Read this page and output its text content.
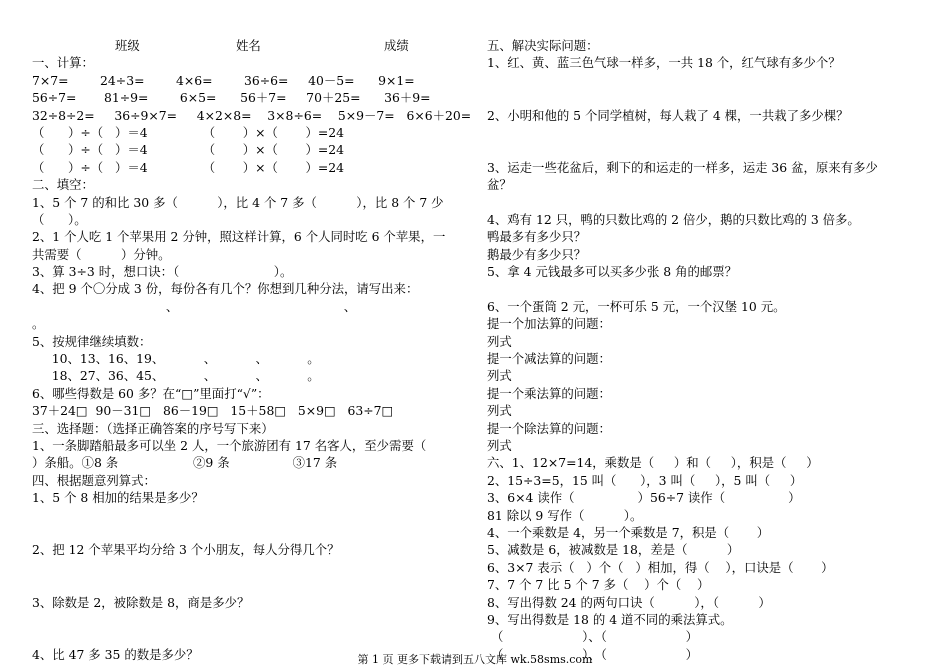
班级	姓名	成绩
一、计算：
7×7=        24÷3=        4×6=        36÷6=     40－5=      9×1=
56÷7=       81÷9=        6×5=      56＋7=     70＋25=      36＋9=
32÷8÷2=     36÷9×7=     4×2×8=    3×8÷6=    5×9－7=   6×6＋20=
（      ）÷（   ）＝4              （       ）×（       ）=24
（      ）÷（   ）＝4              （       ）×（       ）=24
（      ）÷（   ）＝4              （       ）×（       ）=24
二、填空：
1、5 个 7 的和比 30 多（          ），比 4 个 7 多（          ），比 8 个 7 少
（      ）。
2、1 个人吃 1 个苹果用 2 分钟，照这样计算，6 个人同时吃 6 个苹果，一
共需要（          ）分钟。
3、算 3÷3 时，想口诀：（                        ）。
4、把 9 个〇分成 3 份，每份各有几个？你想到几种分法，请写出来：
、                                          、
。
5、按规律继续填数：
10、13、16、19、          、          、          。
18、27、36、45、          、          、          。
6、哪些得数是 60 多？在“□”里面打“√”：
37＋24□  90－31□   86－19□   15＋58□   5×9□   63÷7□
三、选择题：（选择正确答案的序号写下来）
1、一条脚踏船最多可以坐 2 人，一个旅游团有 17 名客人，至少需要（
）条船。①8 条                   ②9 条                ③17 条
四、根据题意列算式：
1、5 个 8 相加的结果是多少？
2、把 12 个苹果平均分给 3 个小朋友，每人分得几个？
3、除数是 2，被除数是 8，商是多少？
4、比 47 多 35 的数是多少？
五、解决实际问题：
1、红、黄、蓝三色气球一样多，一共 18 个，红气球有多少个？
2、小明和他的 5 个同学植树，每人栽了 4 棵，一共栽了多少棵？
3、运走一些花盆后，剩下的和运走的一样多，运走 36 盆，原来有多少
盆？
4、鸡有 12 只，鸭的只数比鸡的 2 倍少，鹅的只数比鸡的 3 倍多。
鸭最多有多少只？
鹅最少有多少只？
5、拿 4 元钱最多可以买多少张 8 角的邮票？
6、一个蛋筒 2 元，一杯可乐 5 元，一个汉堡 10 元。
提一个加法算的问题：
列式
提一个减法算的问题：
列式
提一个乘法算的问题：
列式
提一个除法算的问题：
列式
六、1、12×7=14，乘数是（     ）和（     ），积是（     ）
2、15÷3=5，15 叫（      ），3 叫（     ），5 叫（     ）
3、6×4 读作（                ）56÷7 读作（                ）
81 除以 9 写作（          ）。
4、一个乘数是 4，另一个乘数是 7，积是（       ）
5、减数是 6，被减数是 18，差是（          ）
6、3×7 表示（   ）个（   ）相加，得（    ），口诀是（       ）
7、7 个 7 比 5 个 7 多（    ）个（    ）
8、写出得数 24 的两句口诀（          ），（          ）
9、写出得数是 18 的 4 道不同的乘法算式。
（                    ）、（                    ）
（                    ）、（                    ）
第 1 页 更多下载请到五八文库 wk.58sms.com
